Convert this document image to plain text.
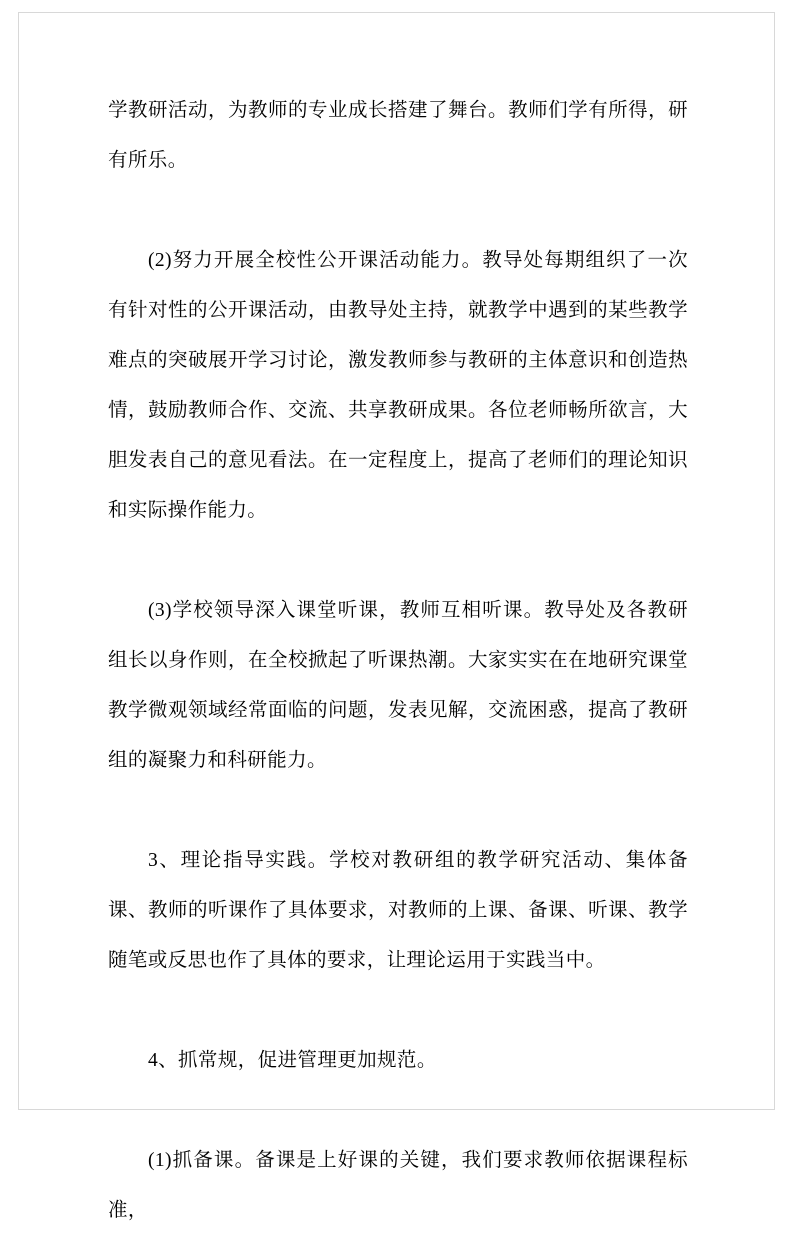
学教研活动，为教师的专业成长搭建了舞台。教师们学有所得，研有所乐。

(2)努力开展全校性公开课活动能力。教导处每期组织了一次有针对性的公开课活动，由教导处主持，就教学中遇到的某些教学难点的突破展开学习讨论，激发教师参与教研的主体意识和创造热情，鼓励教师合作、交流、共享教研成果。各位老师畅所欲言，大胆发表自己的意见看法。在一定程度上，提高了老师们的理论知识和实际操作能力。

(3)学校领导深入课堂听课，教师互相听课。教导处及各教研组长以身作则，在全校掀起了听课热潮。大家实实在在地研究课堂教学微观领域经常面临的问题，发表见解，交流困惑，提高了教研组的凝聚力和科研能力。

3、理论指导实践。学校对教研组的教学研究活动、集体备课、教师的听课作了具体要求，对教师的上课、备课、听课、教学随笔或反思也作了具体的要求，让理论运用于实践当中。

4、抓常规，促进管理更加规范。

(1)抓备课。备课是上好课的关键，我们要求教师依据课程标准，
